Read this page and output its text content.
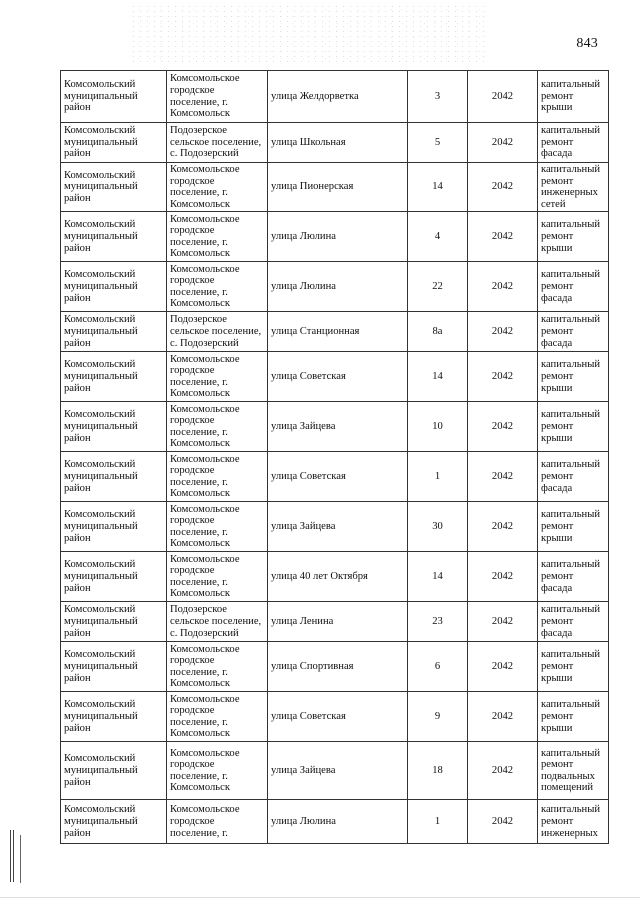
843
Комсомольский муниципальный район	Комсомольское городское поселение, г. Комсомольск	улица Желдорветка	3	2042	капитальный ремонт крыши
Комсомольский муниципальный район	Подозерское сельское поселение, с. Подозерский	улица Школьная	5	2042	капитальный ремонт фасада
Комсомольский муниципальный район	Комсомольское городское поселение, г. Комсомольск	улица Пионерская	14	2042	капитальный ремонт инженерных сетей
Комсомольский муниципальный район	Комсомольское городское поселение, г. Комсомольск	улица Люлина	4	2042	капитальный ремонт крыши
Комсомольский муниципальный район	Комсомольское городское поселение, г. Комсомольск	улица Люлина	22	2042	капитальный ремонт фасада
Комсомольский муниципальный район	Подозерское сельское поселение, с. Подозерский	улица Станционная	8а	2042	капитальный ремонт фасада
Комсомольский муниципальный район	Комсомольское городское поселение, г. Комсомольск	улица Советская	14	2042	капитальный ремонт крыши
Комсомольский муниципальный район	Комсомольское городское поселение, г. Комсомольск	улица Зайцева	10	2042	капитальный ремонт крыши
Комсомольский муниципальный район	Комсомольское городское поселение, г. Комсомольск	улица Советская	1	2042	капитальный ремонт фасада
Комсомольский муниципальный район	Комсомольское городское поселение, г. Комсомольск	улица Зайцева	30	2042	капитальный ремонт крыши
Комсомольский муниципальный район	Комсомольское городское поселение, г. Комсомольск	улица 40 лет Октября	14	2042	капитальный ремонт фасада
Комсомольский муниципальный район	Подозерское сельское поселение, с. Подозерский	улица Ленина	23	2042	капитальный ремонт фасада
Комсомольский муниципальный район	Комсомольское городское поселение, г. Комсомольск	улица Спортивная	6	2042	капитальный ремонт крыши
Комсомольский муниципальный район	Комсомольское городское поселение, г. Комсомольск	улица Советская	9	2042	капитальный ремонт крыши
Комсомольский муниципальный район	Комсомольское городское поселение, г. Комсомольск	улица Зайцева	18	2042	капитальный ремонт подвальных помещений
Комсомольский муниципальный район	Комсомольское городское поселение, г.	улица Люлина	1	2042	капитальный ремонт инженерных
